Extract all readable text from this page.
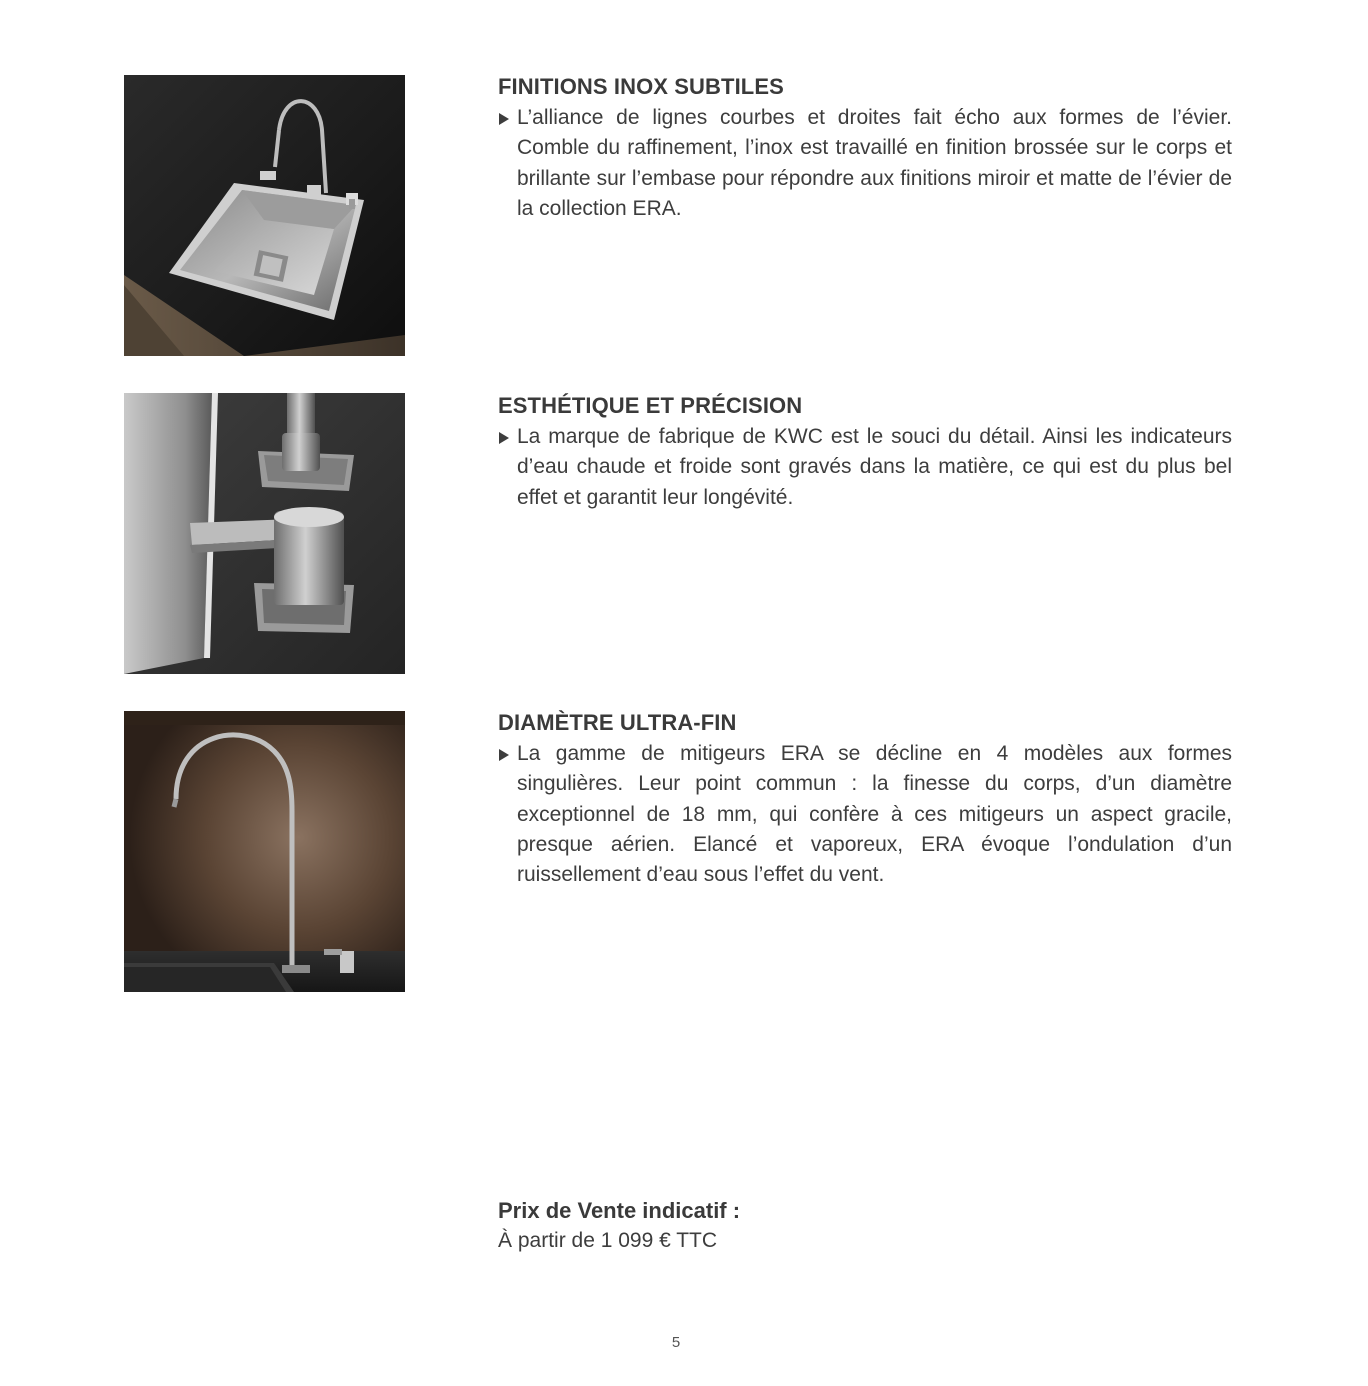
FINITIONS INOX SUBTILES
L’alliance de lignes courbes et droites fait écho aux formes de l’évier. Comble du raffinement, l’inox est travaillé en finition brossée sur le corps et brillante sur l’embase pour répondre aux finitions miroir et matte de l’évier de la collection ERA.
ESTHÉTIQUE ET PRÉCISION
La marque de fabrique de KWC est le souci du détail. Ainsi les indicateurs d’eau chaude et froide sont gravés dans la matière, ce qui est du plus bel effet et garantit leur longévité.
DIAMÈTRE ULTRA-FIN
La gamme de mitigeurs ERA se décline en 4 modèles aux formes singulières. Leur point commun : la finesse du corps, d’un diamètre exceptionnel de 18 mm, qui confère à ces mitigeurs un aspect gracile, presque aérien. Elancé et vaporeux, ERA évoque l’ondulation d’un ruissellement d’eau sous l’effet du vent.
Prix de Vente indicatif :
À partir de 1 099 € TTC
5
